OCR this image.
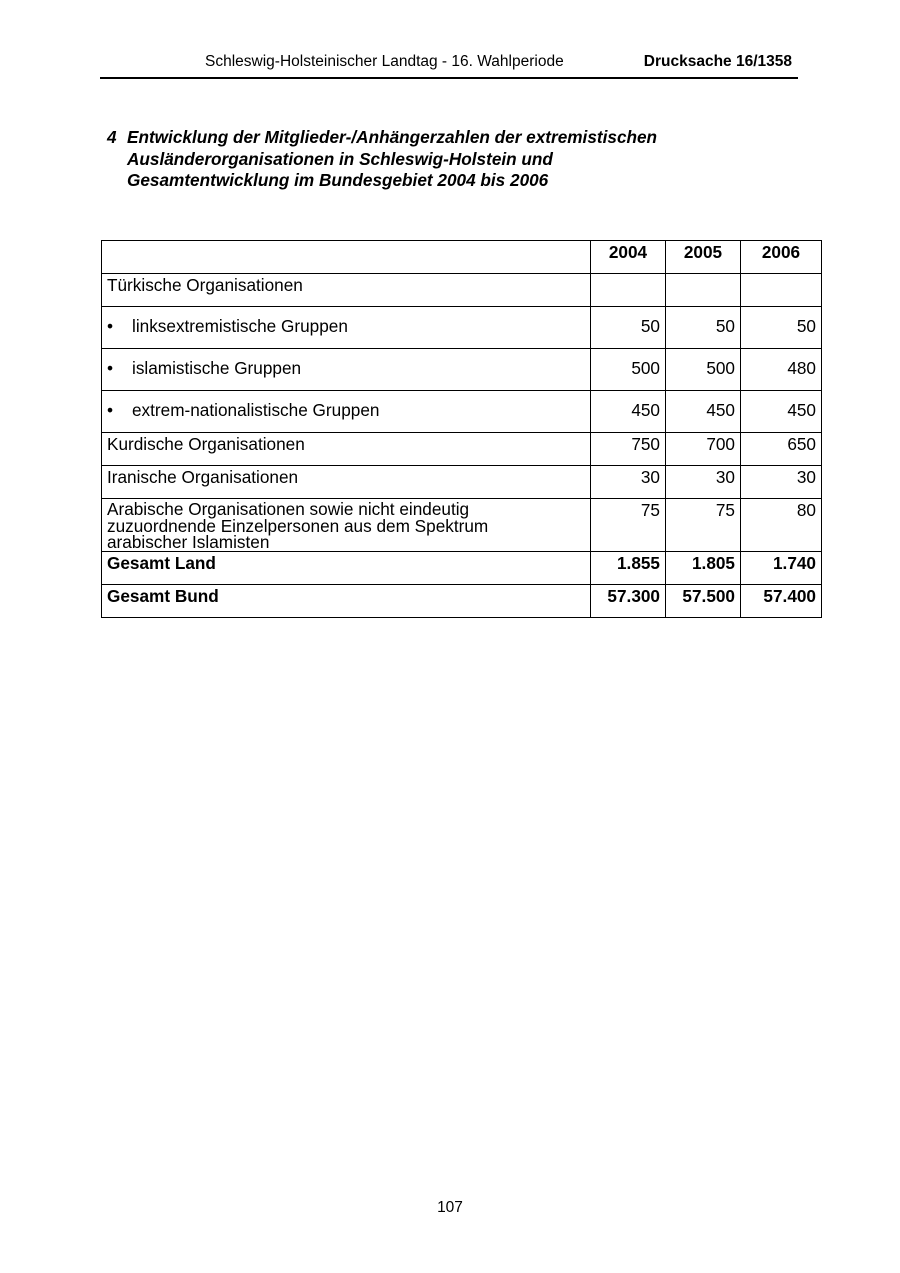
Schleswig-Holsteinischer Landtag - 16. Wahlperiode	Drucksache 16/1358
4 Entwicklung der Mitglieder-/Anhängerzahlen der extremistischen
Ausländerorganisationen in Schleswig-Holstein und
Gesamtentwicklung im Bundesgebiet 2004 bis 2006
	2004	2005	2006
Türkische Organisationen			
• linksextremistische Gruppen	50	50	50
• islamistische Gruppen	500	500	480
• extrem-nationalistische Gruppen	450	450	450
Kurdische Organisationen	750	700	650
Iranische Organisationen	30	30	30

Arabische Organisationen sowie nicht eindeutig
zuzuordnende Einzelpersonen aus dem Spektrum
arabischer Islamisten	75	75	80
Gesamt Land	1.855	1.805	1.740
Gesamt Bund	57.300	57.500	57.400
107
